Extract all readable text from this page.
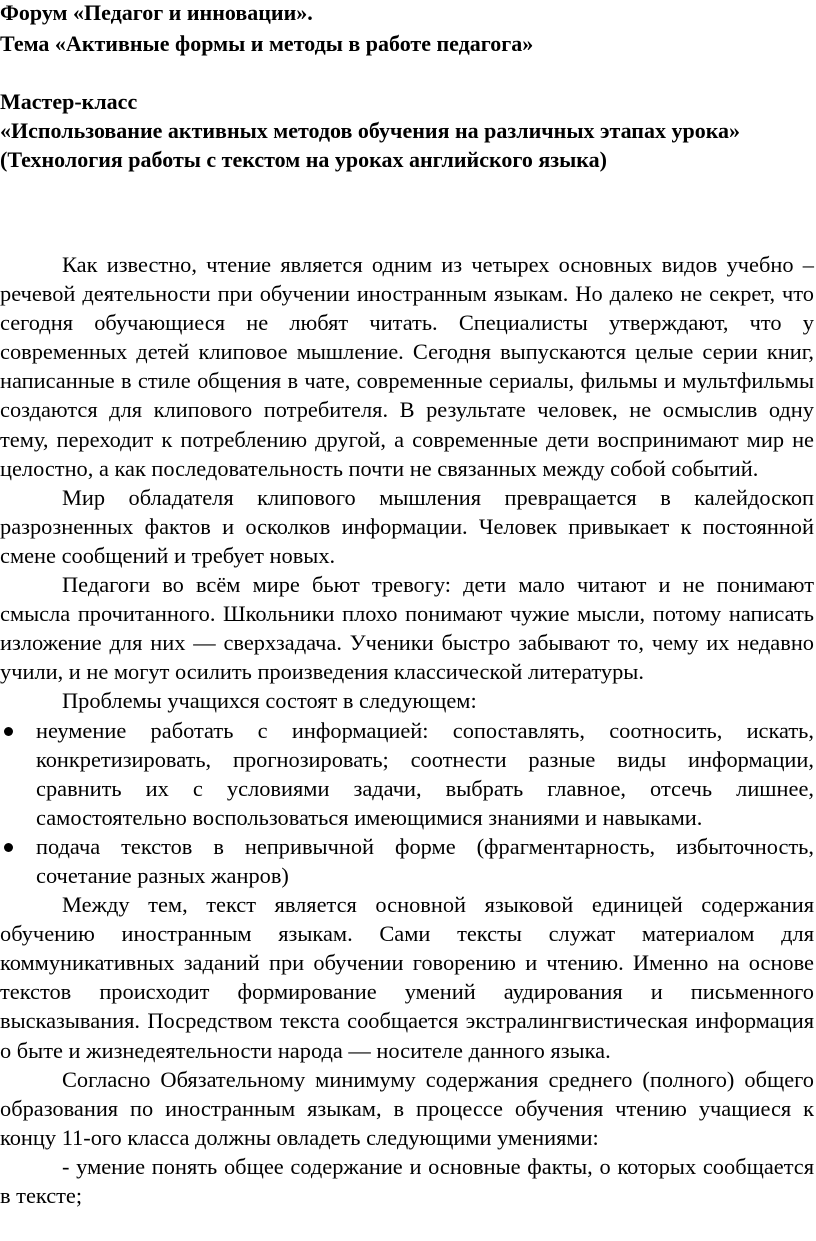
Форум «Педагог и инновации».
Тема «Активные формы и методы в работе педагога»
Мастер-класс
«Использование активных методов обучения на различных этапах урока»
(Технология работы с текстом на уроках английского языка)

Как известно, чтение является одним из четырех основных видов учебно – речевой деятельности при обучении иностранным языкам. Но далеко не секрет, что сегодня обучающиеся не любят читать. Специалисты утверждают, что у современных детей клиповое мышление. Сегодня выпускаются целые серии книг, написанные в стиле общения в чате, современные сериалы, фильмы и мультфильмы создаются для клипового потребителя. В результате человек, не осмыслив одну тему, переходит к потреблению другой, а современные дети воспринимают мир не целостно, а как последовательность почти не связанных между собой событий.

Мир обладателя клипового мышления превращается в калейдоскоп разрозненных фактов и осколков информации. Человек привыкает к постоянной смене сообщений и требует новых.

Педагоги во всём мире бьют тревогу: дети мало читают и не понимают смысла прочитанного. Школьники плохо понимают чужие мысли, потому написать изложение для них — сверхзадача. Ученики быстро забывают то, чему их недавно учили, и не могут осилить произведения классической литературы.

Проблемы учащихся состоят в следующем:

неумение работать с информацией: сопоставлять, соотносить, искать, конкретизировать, прогнозировать; соотнести разные виды информации, сравнить их с условиями задачи, выбрать главное, отсечь лишнее, самостоятельно воспользоваться имеющимися знаниями и навыками.
подача текстов в непривычной форме (фрагментарность, избыточность, сочетание разных жанров)

Между тем, текст является основной языковой единицей содержания обучению иностранным языкам. Сами тексты служат материалом для коммуникативных заданий при обучении говорению и чтению. Именно на основе текстов происходит формирование умений аудирования и письменного высказывания. Посредством текста сообщается экстралингвистическая информация о быте и жизнедеятельности народа — носителе данного языка.

Согласно Обязательному минимуму содержания среднего (полного) общего образования по иностранным языкам, в процессе обучения чтению учащиеся к концу 11-ого класса должны овладеть следующими умениями:

- умение понять общее содержание и основные факты, о которых сообщается в тексте;
